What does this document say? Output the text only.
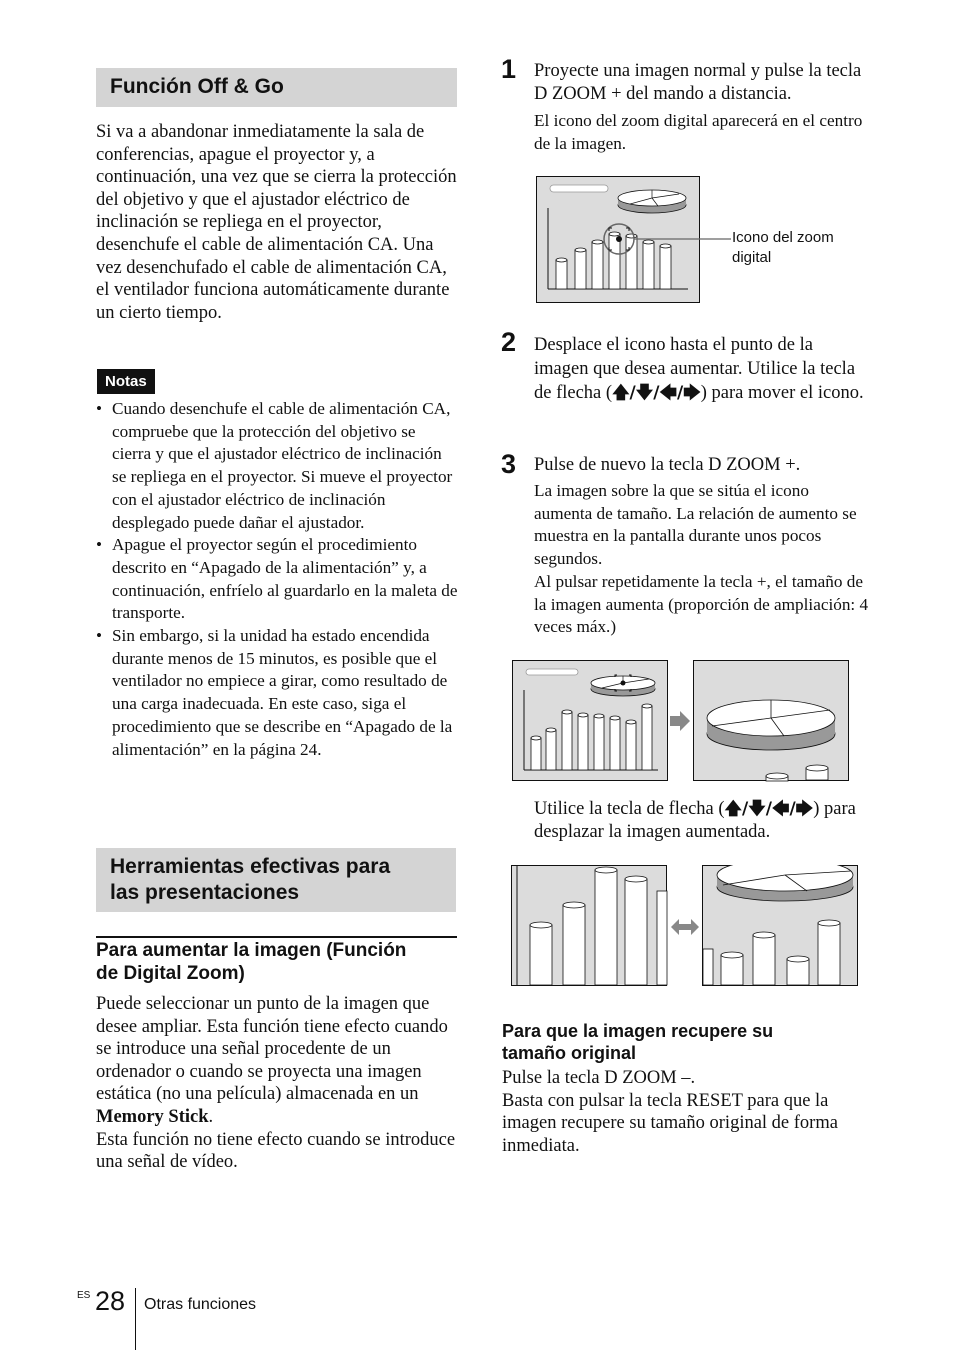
Función Off & Go
Si va a abandonar inmediatamente la sala de conferencias, apague el proyector y, a continuación, una vez que se cierra la protección del objetivo y que el ajustador eléctrico de inclinación se repliega en el proyector, desenchufe el cable de alimentación CA. Una vez desenchufado el cable de alimentación CA, el ventilador funciona automáticamente durante un cierto tiempo.
Notas
• Cuando desenchufe el cable de alimentación CA, compruebe que la protección del objetivo se cierra y que el ajustador eléctrico de inclinación se repliega en el proyector. Si mueve el proyector con el ajustador eléctrico de inclinación desplegado puede dañar el ajustador.
• Apague el proyector según el procedimiento descrito en “Apagado de la alimentación” y, a continuación, enfríelo al guardarlo en la maleta de transporte.
• Sin embargo, si la unidad ha estado encendida durante menos de 15 minutos, es posible que el ventilador no empiece a girar, como resultado de una carga inadecuada. En este caso, siga el procedimiento que se describe en “Apagado de la alimentación” en la página 24.
Herramientas efectivas para
las presentaciones
Para aumentar la imagen (Función
de Digital Zoom)
Puede seleccionar un punto de la imagen que desee ampliar. Esta función tiene efecto cuando se introduce una señal procedente de un ordenador o cuando se proyecta una imagen estática (no una película) almacenada en un Memory Stick.
Esta función no tiene efecto cuando se introduce una señal de vídeo.
1 Proyecte una imagen normal y pulse la tecla D ZOOM + del mando a distancia.
El icono del zoom digital aparecerá en el centro de la imagen.
Icono del zoom
digital
2 Desplace el icono hasta el punto de la imagen que desea aumentar. Utilice la tecla de flecha (🡅/🡇/🡄/🡆) para mover el icono.
3 Pulse de nuevo la tecla D ZOOM +.
La imagen sobre la que se sitúa el icono aumenta de tamaño. La relación de aumento se muestra en la pantalla durante unos pocos segundos.
Al pulsar repetidamente la tecla +, el tamaño de la imagen aumenta (proporción de ampliación: 4 veces máx.)
Utilice la tecla de flecha (🡅/🡇/🡄/🡆) para desplazar la imagen aumentada.
Para que la imagen recupere su
tamaño original
Pulse la tecla D ZOOM –.
Basta con pulsar la tecla RESET para que la imagen recupere su tamaño original de forma inmediata.
ES 28 Otras funciones
